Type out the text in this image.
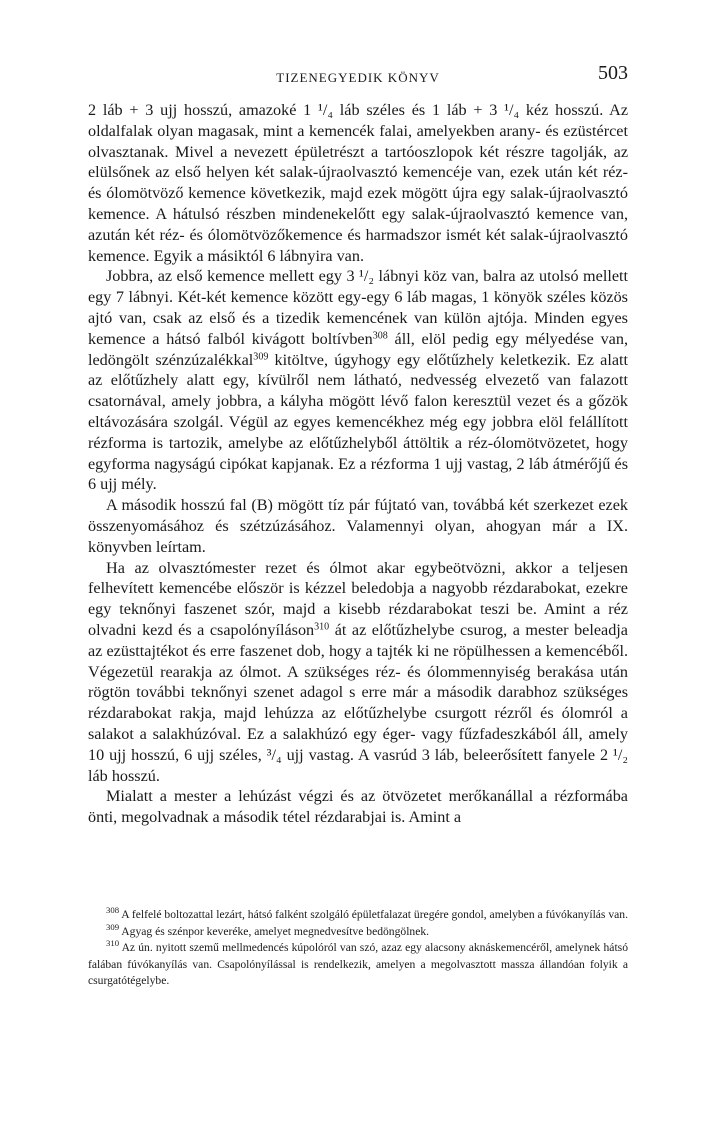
TIZENEGYEDIK KÖNYV	503

2 láb + 3 ujj hosszú, amazoké 1 ¹/₄ láb széles és 1 láb + 3 ¹/₄ kéz hosszú. Az oldalfalak olyan magasak, mint a kemencék falai, amelyekben arany- és ezüstércet olvasztanak. Mivel a nevezett épületrészt a tartóoszlopok két részre tagolják, az elülsőnek az első helyen két salak-újraolvasztó kemencéje van, ezek után két réz- és ólomötvöző kemence következik, majd ezek mögött újra egy salak-újraolvasztó kemence. A hátulsó részben mindenekelőtt egy salak-újraolvasztó kemence van, azután két réz- és ólomötvözőkemence és harmadszor ismét két salak-újraolvasztó kemence. Egyik a másiktól 6 lábnyira van.

Jobbra, az első kemence mellett egy 3 ¹/₂ lábnyi köz van, balra az utolsó mellett egy 7 lábnyi. Két-két kemence között egy-egy 6 láb magas, 1 könyök széles közös ajtó van, csak az első és a tizedik kemencének van külön ajtója. Minden egyes kemence a hátsó falból kivágott boltívben$^{308}$ áll, elöl pedig egy mélyedése van, ledöngölt szénzúzalékkal$^{309}$ kitöltve, úgyhogy egy előtűzhely keletkezik. Ez alatt az előtűzhely alatt egy, kívülről nem látható, nedvesség elvezető van falazott csatornával, amely jobbra, a kályha mögött lévő falon keresztül vezet és a gőzök eltávozására szolgál. Végül az egyes kemencékhez még egy jobbra elöl felállított rézforma is tartozik, amelybe az előtűzhelyből áttöltik a réz-ólomötvözetet, hogy egyforma nagyságú cipókat kapjanak. Ez a rézforma 1 ujj vastag, 2 láb átmérőjű és 6 ujj mély.

A második hosszú fal (B) mögött tíz pár fújtató van, továbbá két szerkezet ezek összenyomásához és szétzúzásához. Valamennyi olyan, ahogyan már a IX. könyvben leírtam.

Ha az olvasztómester rezet és ólmot akar egybeötvözni, akkor a teljesen felhevített kemencébe először is kézzel beledobja a nagyobb rézdarabokat, ezekre egy teknőnyi faszenet szór, majd a kisebb rézdarabokat teszi be. Amint a réz olvadni kezd és a csapolónyíláson$^{310}$ át az előtűzhelybe csurog, a mester beleadja az ezüsttajtékot és erre faszenet dob, hogy a tajték ki ne röpülhessen a kemencéből. Végezetül rearakja az ólmot. A szükséges réz- és ólommennyiség berakása után rögtön további teknőnyi szenet adagol s erre már a második darabhoz szükséges rézdarabokat rakja, majd lehúzza az előtűzhelybe csurgott rézről és ólomról a salakot a salakhúzóval. Ez a salakhúzó egy éger- vagy fűzfadeszkából áll, amely 10 ujj hosszú, 6 ujj széles, ³/₄ ujj vastag. A vasrúd 3 láb, beleerősített fanyele 2 ¹/₂ láb hosszú.

Mialatt a mester a lehúzást végzi és az ötvözetet merőkanállal a rézformába önti, megolvadnak a második tétel rézdarabjai is. Amint a

$^{308}$ A felfelé boltozattal lezárt, hátsó falként szolgáló épületfalazat üregére gondol, amelyben a fúvókanyílás van.

$^{309}$ Agyag és szénpor keveréke, amelyet megnedvesítve bedöngölnek.

$^{310}$ Az ún. nyitott szemű mellmedencés kúpolóról van szó, azaz egy alacsony aknáskemencéről, amelynek hátsó falában fúvókanyílás van. Csapolónyílással is rendelkezik, amelyen a megolvasztott massza állandóan folyik a csurgatótégelybe.
